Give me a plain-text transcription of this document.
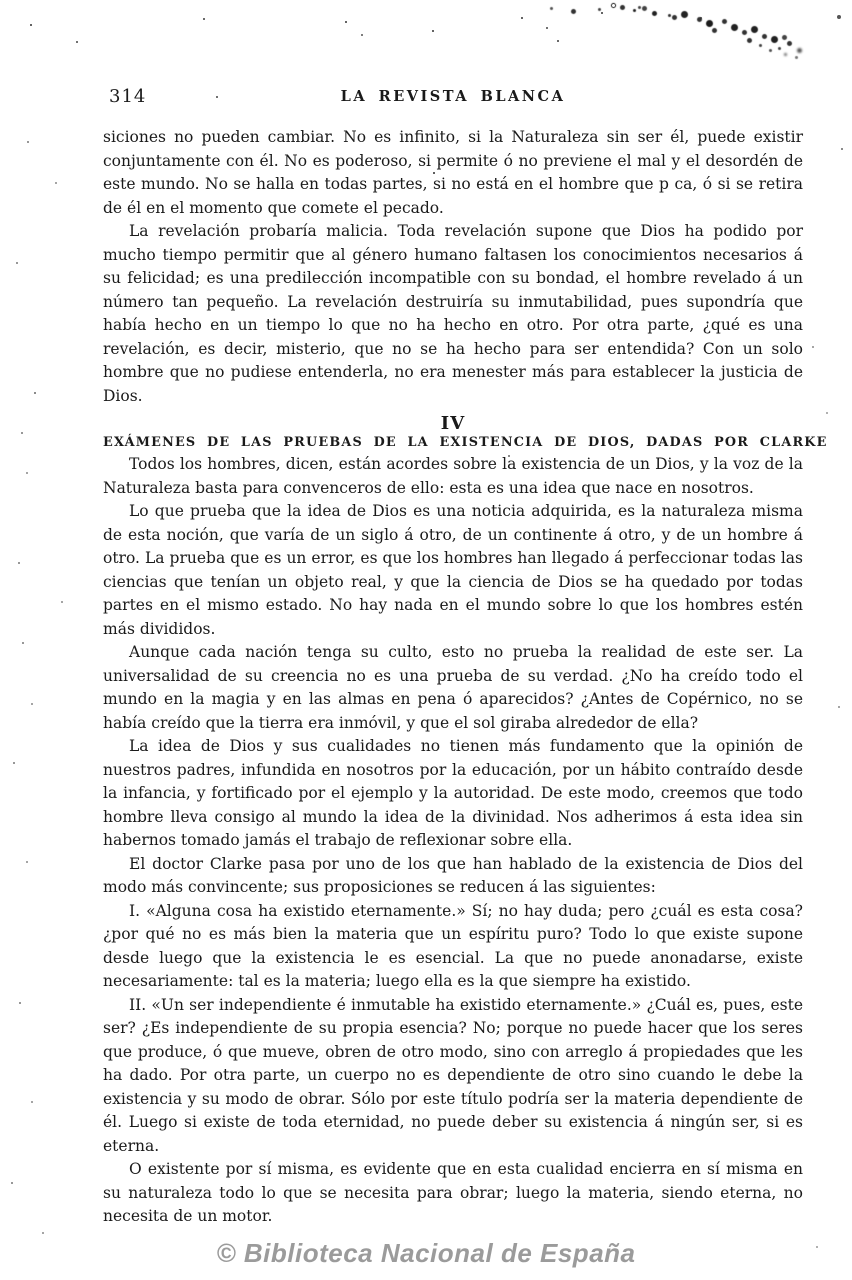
314	LA REVISTA BLANCA

siciones no pueden cambiar. No es infinito, si la Naturaleza sin ser él, puede existir conjuntamente con él. No es poderoso, si permite ó no previene el mal y el desordén de este mundo. No se halla en todas partes, si no está en el hombre que p ca, ó si se retira de él en el momento que comete el pecado.

La revelación probaría malicia. Toda revelación supone que Dios ha podido por mucho tiempo permitir que al género humano faltasen los conocimientos necesarios á su felicidad; es una predilección incompatible con su bondad, el hombre revelado á un número tan pequeño. La revelación destruiría su inmutabilidad, pues supondría que había hecho en un tiempo lo que no ha hecho en otro. Por otra parte, ¿qué es una revelación, es decir, misterio, que no se ha hecho para ser entendida? Con un solo hombre que no pudiese entenderla, no era menester más para establecer la justicia de Dios.

IV
EXÁMENES DE LAS PRUEBAS DE LA EXISTENCIA DE DIOS, DADAS POR CLARKE

Todos los hombres, dicen, están acordes sobre la existencia de un Dios, y la voz de la Naturaleza basta para convenceros de ello: esta es una idea que nace en nosotros.

Lo que prueba que la idea de Dios es una noticia adquirida, es la naturaleza misma de esta noción, que varía de un siglo á otro, de un continente á otro, y de un hombre á otro. La prueba que es un error, es que los hombres han llegado á perfeccionar todas las ciencias que tenían un objeto real, y que la ciencia de Dios se ha quedado por todas partes en el mismo estado. No hay nada en el mundo sobre lo que los hombres estén más divididos.

Aunque cada nación tenga su culto, esto no prueba la realidad de este ser. La universalidad de su creencia no es una prueba de su verdad. ¿No ha creído todo el mundo en la magia y en las almas en pena ó aparecidos? ¿Antes de Copérnico, no se había creído que la tierra era inmóvil, y que el sol giraba alrededor de ella?

La idea de Dios y sus cualidades no tienen más fundamento que la opinión de nuestros padres, infundida en nosotros por la educación, por un hábito contraído desde la infancia, y fortificado por el ejemplo y la autoridad. De este modo, creemos que todo hombre lleva consigo al mundo la idea de la divinidad. Nos adherimos á esta idea sin habernos tomado jamás el trabajo de reflexionar sobre ella.

El doctor Clarke pasa por uno de los que han hablado de la existencia de Dios del modo más convincente; sus proposiciones se reducen á las siguientes:

I. «Alguna cosa ha existido eternamente.» Sí; no hay duda; pero ¿cuál es esta cosa? ¿por qué no es más bien la materia que un espíritu puro? Todo lo que existe supone desde luego que la existencia le es esencial. La que no puede anonadarse, existe necesariamente: tal es la materia; luego ella es la que siempre ha existido.

II. «Un ser independiente é inmutable ha existido eternamente.» ¿Cuál es, pues, este ser? ¿Es independiente de su propia esencia? No; porque no puede hacer que los seres que produce, ó que mueve, obren de otro modo, sino con arreglo á propiedades que les ha dado. Por otra parte, un cuerpo no es dependiente de otro sino cuando le debe la existencia y su modo de obrar. Sólo por este título podría ser la materia dependiente de él. Luego si existe de toda eternidad, no puede deber su existencia á ningún ser, si es eterna.

O existente por sí misma, es evidente que en esta cualidad encierra en sí misma en su naturaleza todo lo que se necesita para obrar; luego la materia, siendo eterna, no necesita de un motor.

© Biblioteca Nacional de España
